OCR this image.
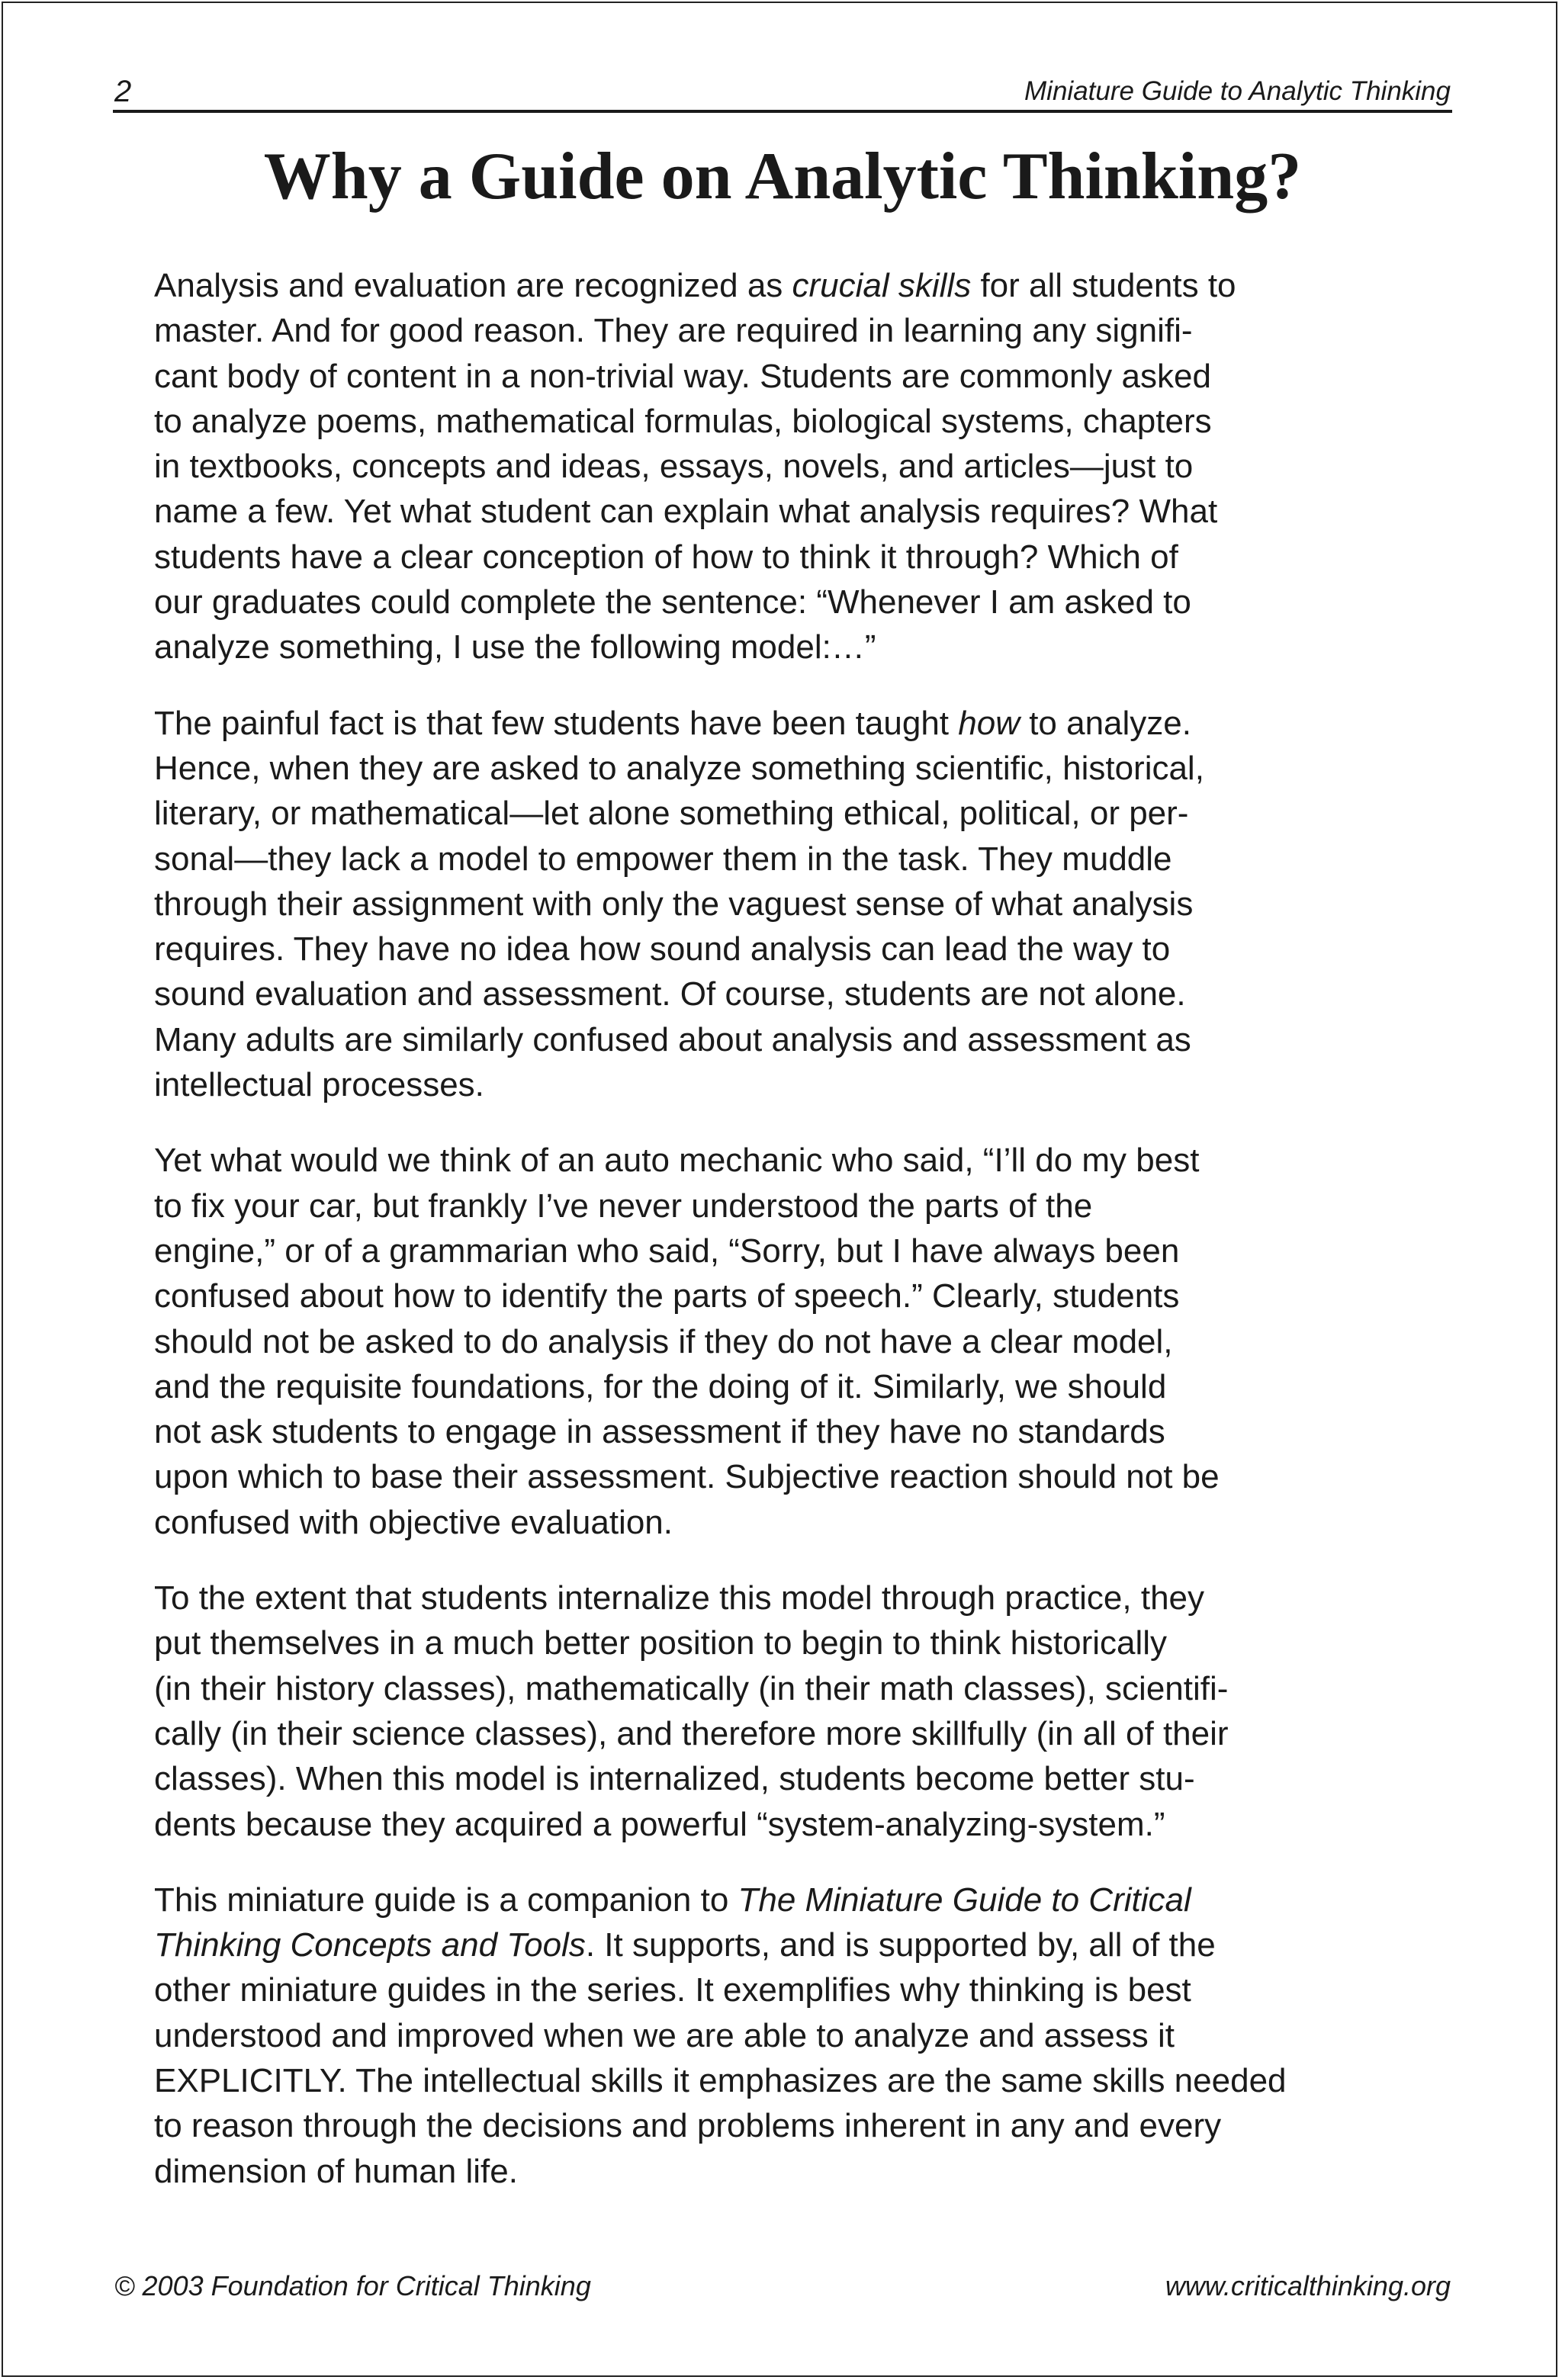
2	Miniature Guide to Analytic Thinking
Why a Guide on Analytic Thinking?

Analysis and evaluation are recognized as crucial skills for all students to
master. And for good reason. They are required in learning any signifi-
cant body of content in a non-trivial way. Students are commonly asked
to analyze poems, mathematical formulas, biological systems, chapters
in textbooks, concepts and ideas, essays, novels, and articles—just to
name a few. Yet what student can explain what analysis requires? What
students have a clear conception of how to think it through? Which of
our graduates could complete the sentence: “Whenever I am asked to
analyze something, I use the following model:…”

The painful fact is that few students have been taught how to analyze.
Hence, when they are asked to analyze something scientific, historical,
literary, or mathematical—let alone something ethical, political, or per-
sonal—they lack a model to empower them in the task. They muddle
through their assignment with only the vaguest sense of what analysis
requires. They have no idea how sound analysis can lead the way to
sound evaluation and assessment. Of course, students are not alone.
Many adults are similarly confused about analysis and assessment as
intellectual processes.

Yet what would we think of an auto mechanic who said, “I’ll do my best
to fix your car, but frankly I’ve never understood the parts of the
engine,” or of a grammarian who said, “Sorry, but I have always been
confused about how to identify the parts of speech.” Clearly, students
should not be asked to do analysis if they do not have a clear model,
and the requisite foundations, for the doing of it. Similarly, we should
not ask students to engage in assessment if they have no standards
upon which to base their assessment. Subjective reaction should not be
confused with objective evaluation.

To the extent that students internalize this model through practice, they
put themselves in a much better position to begin to think historically
(in their history classes), mathematically (in their math classes), scientifi-
cally (in their science classes), and therefore more skillfully (in all of their
classes). When this model is internalized, students become better stu-
dents because they acquired a powerful “system-analyzing-system.”

This miniature guide is a companion to The Miniature Guide to Critical
Thinking Concepts and Tools. It supports, and is supported by, all of the
other miniature guides in the series. It exemplifies why thinking is best
understood and improved when we are able to analyze and assess it
EXPLICITLY. The intellectual skills it emphasizes are the same skills needed
to reason through the decisions and problems inherent in any and every
dimension of human life.

© 2003 Foundation for Critical Thinking	www.criticalthinking.org
